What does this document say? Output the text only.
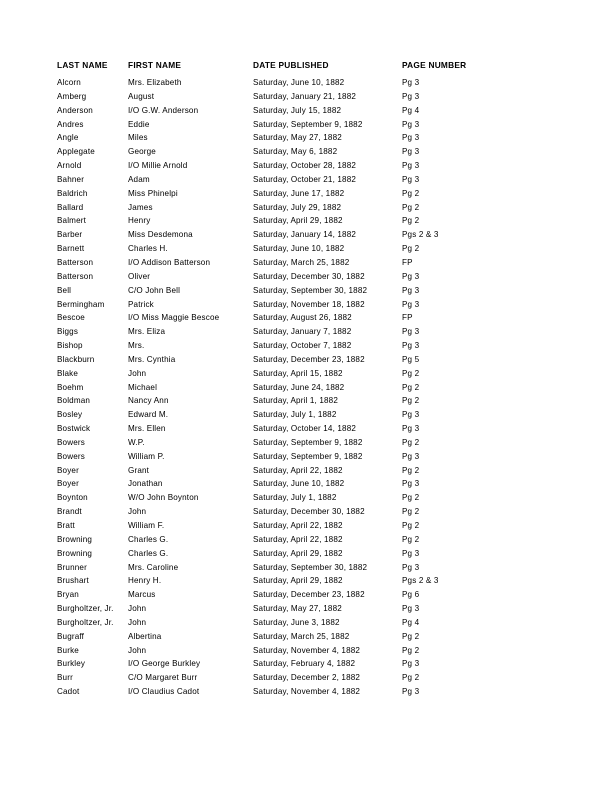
LAST NAME	FIRST NAME	DATE PUBLISHED	PAGE NUMBER
Alcorn	Mrs. Elizabeth	Saturday, June 10, 1882	Pg 3
Amberg	August	Saturday, January 21, 1882	Pg 3
Anderson	I/O G.W. Anderson	Saturday, July 15, 1882	Pg 4
Andres	Eddie	Saturday, September 9, 1882	Pg 3
Angle	Miles	Saturday, May 27, 1882	Pg 3
Applegate	George	Saturday, May 6, 1882	Pg 3
Arnold	I/O Millie Arnold	Saturday, October 28, 1882	Pg 3
Bahner	Adam	Saturday, October 21, 1882	Pg 3
Baldrich	Miss Phinelpi	Saturday, June 17, 1882	Pg 2
Ballard	James	Saturday, July 29, 1882	Pg 2
Balmert	Henry	Saturday, April 29, 1882	Pg 2
Barber	Miss Desdemona	Saturday, January 14, 1882	Pgs 2 & 3
Barnett	Charles H.	Saturday, June 10, 1882	Pg 2
Batterson	I/O Addison Batterson	Saturday, March 25, 1882	FP
Batterson	Oliver	Saturday, December 30, 1882	Pg 3
Bell	C/O John Bell	Saturday, September 30, 1882	Pg 3
Bermingham	Patrick	Saturday, November 18, 1882	Pg 3
Bescoe	I/O Miss Maggie Bescoe	Saturday, August 26, 1882	FP
Biggs	Mrs. Eliza	Saturday, January 7, 1882	Pg 3
Bishop	Mrs.	Saturday, October 7, 1882	Pg 3
Blackburn	Mrs. Cynthia	Saturday, December 23, 1882	Pg 5
Blake	John	Saturday, April 15, 1882	Pg 2
Boehm	Michael	Saturday, June 24, 1882	Pg 2
Boldman	Nancy Ann	Saturday, April 1, 1882	Pg 2
Bosley	Edward M.	Saturday, July 1, 1882	Pg 3
Bostwick	Mrs. Ellen	Saturday, October 14, 1882	Pg 3
Bowers	W.P.	Saturday, September 9, 1882	Pg 2
Bowers	William P.	Saturday, September 9, 1882	Pg 3
Boyer	Grant	Saturday, April 22, 1882	Pg 2
Boyer	Jonathan	Saturday, June 10, 1882	Pg 3
Boynton	W/O John Boynton	Saturday, July 1, 1882	Pg 2
Brandt	John	Saturday, December 30, 1882	Pg 2
Bratt	William F.	Saturday, April 22, 1882	Pg 2
Browning	Charles G.	Saturday, April 22, 1882	Pg 2
Browning	Charles G.	Saturday, April 29, 1882	Pg 3
Brunner	Mrs. Caroline	Saturday, September 30, 1882	Pg 3
Brushart	Henry H.	Saturday, April 29, 1882	Pgs 2 & 3
Bryan	Marcus	Saturday, December 23, 1882	Pg 6
Burgholtzer, Jr.	John	Saturday, May 27, 1882	Pg 3
Burgholtzer, Jr.	John	Saturday, June 3, 1882	Pg 4
Bugraff	Albertina	Saturday, March 25, 1882	Pg 2
Burke	John	Saturday, November 4, 1882	Pg 2
Burkley	I/O George Burkley	Saturday, February 4, 1882	Pg 3
Burr	C/O Margaret Burr	Saturday, December 2, 1882	Pg 2
Cadot	I/O Claudius Cadot	Saturday, November 4, 1882	Pg 3
